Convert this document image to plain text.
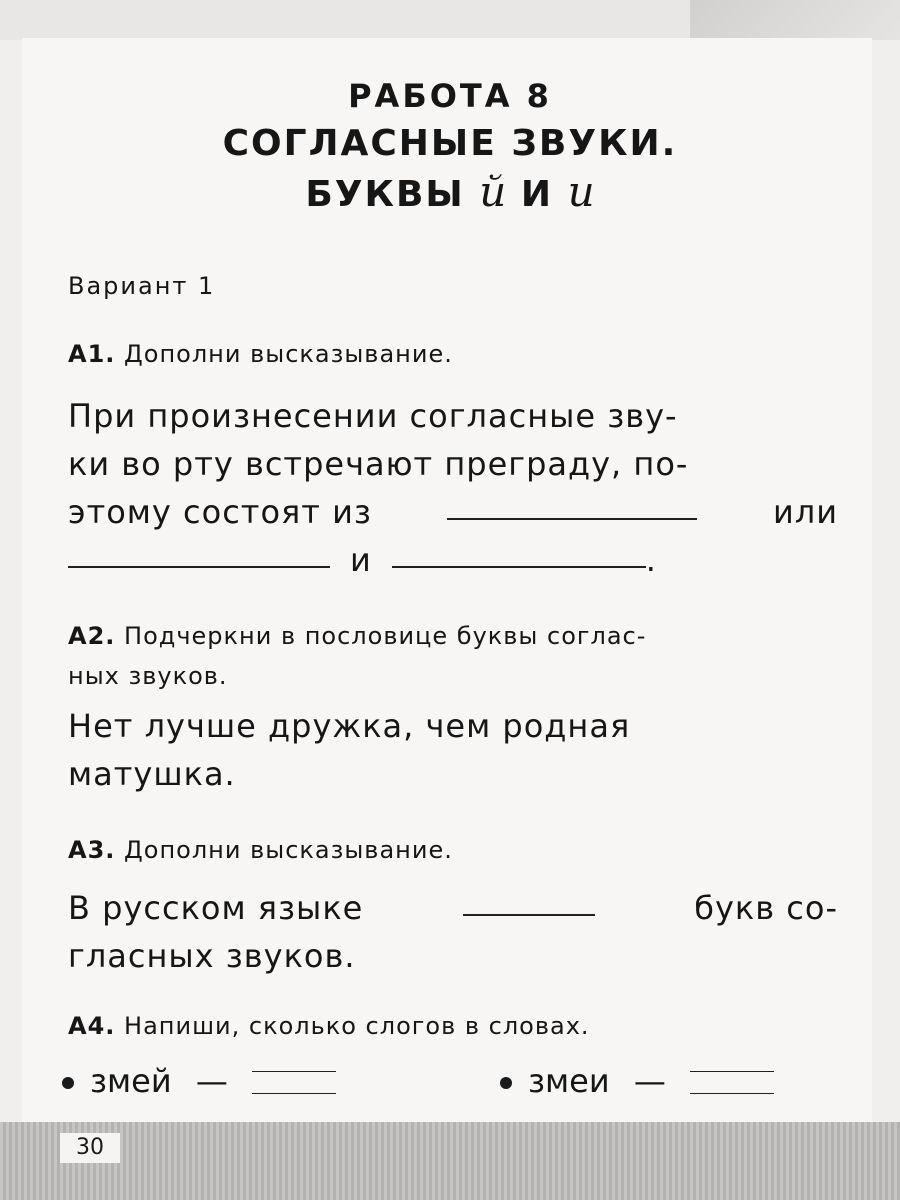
30
РАБОТА 8
СОГЛАСНЫЕ ЗВУКИ.
БУКВЫ й И и
Вариант 1
А1. Дополни высказывание.
При произнесении согласные зву-
ки во рту встречают преграду, по-
этому состоят из	или
и	.
А2. Подчеркни в пословице буквы соглас-
ных звуков.
Нет лучше дружка, чем родная
матушка.
А3. Дополни высказывание.
В русском языке	букв со-
гласных звуков.
А4. Напиши, сколько слогов в словах.
змей —	змеи —
